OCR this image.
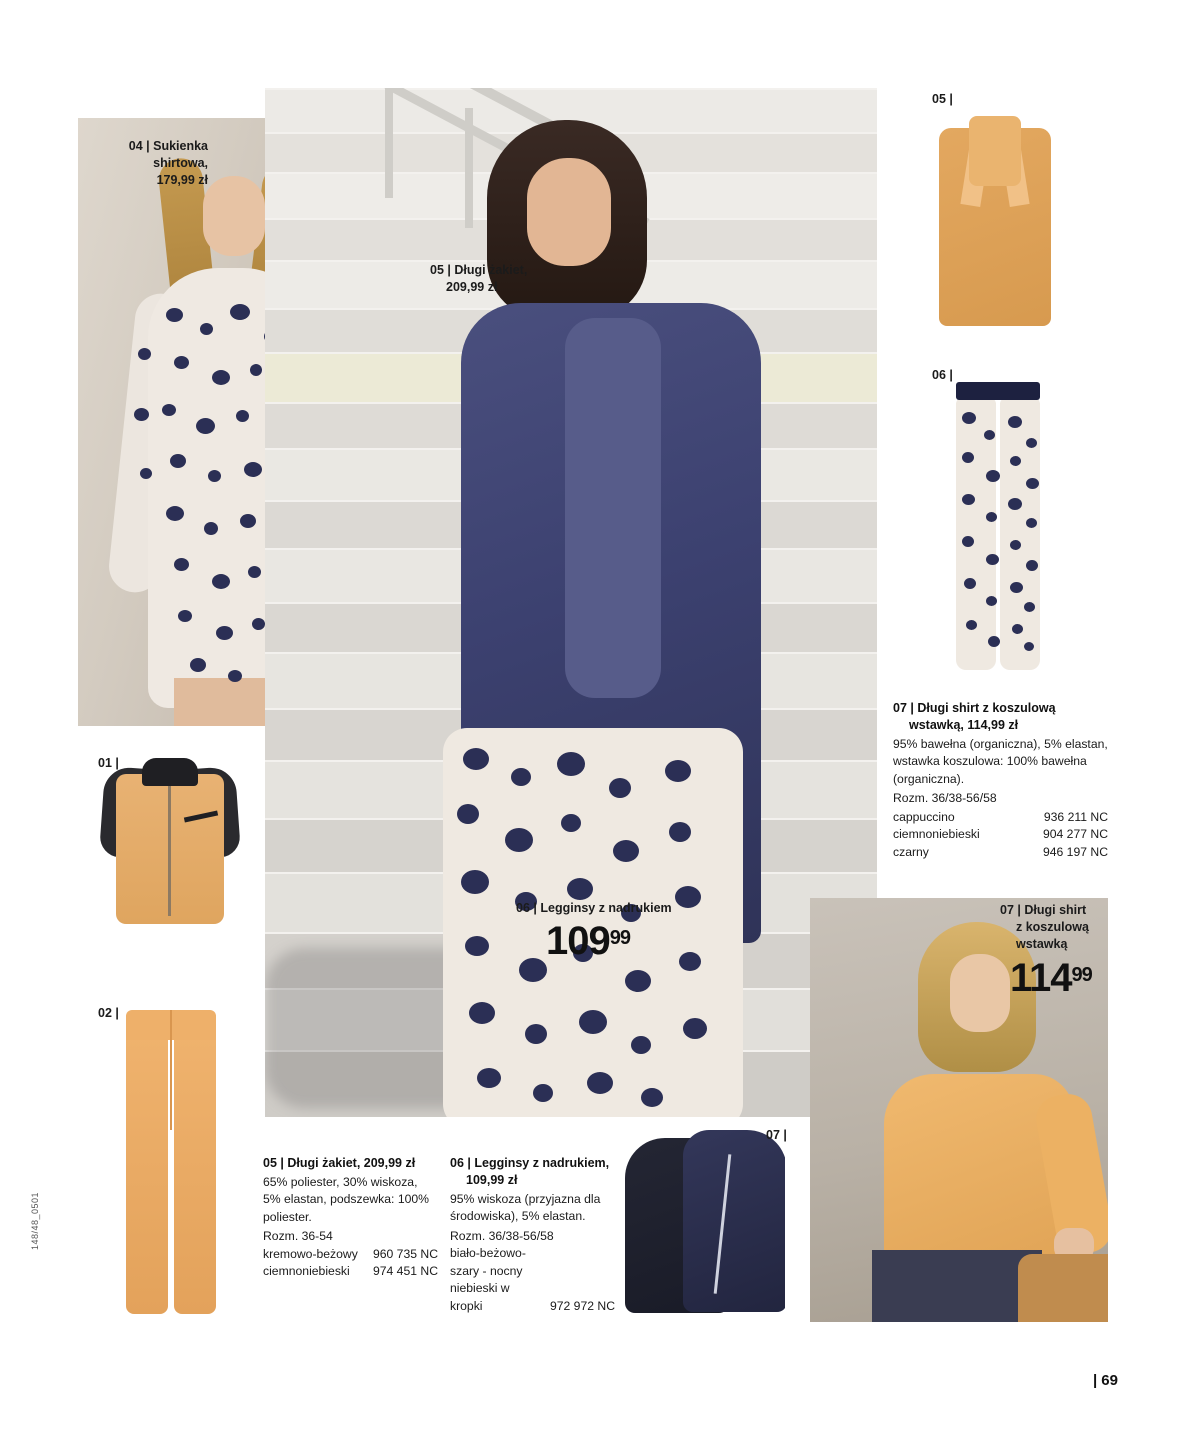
04 | Sukienka
shirtowa,
179,99 zł
05 | Długi żakiet,
209,99 zł
06 | Legginsy z nadrukiem
10999
05 |
06 |
07 | Długi shirt z koszulową
wstawką, 114,99 zł
95% bawełna (organiczna), 5% elastan, wstawka koszulowa: 100% bawełna (organiczna).
Rozm. 36/38-56/58
cappuccino	936 211 NC
ciemnoniebieski	904 277 NC
czarny	946 197 NC
01 |
02 |
05 | Długi żakiet, 209,99 zł
65% poliester, 30% wiskoza, 5% elastan, podszewka: 100% poliester.
Rozm. 36-54
kremowo-beżowy 960 735 NC
ciemnoniebieski 974 451 NC
06 | Legginsy z nadrukiem,
109,99 zł
95% wiskoza (przyjazna dla środowiska), 5% elastan.
Rozm. 36/38-56/58
biało-beżowo-szary - nocny niebieski w kropki	972 972 NC
07 |
07 | Długi shirt
z koszulową
wstawką
11499
148/48_0501
| 69
